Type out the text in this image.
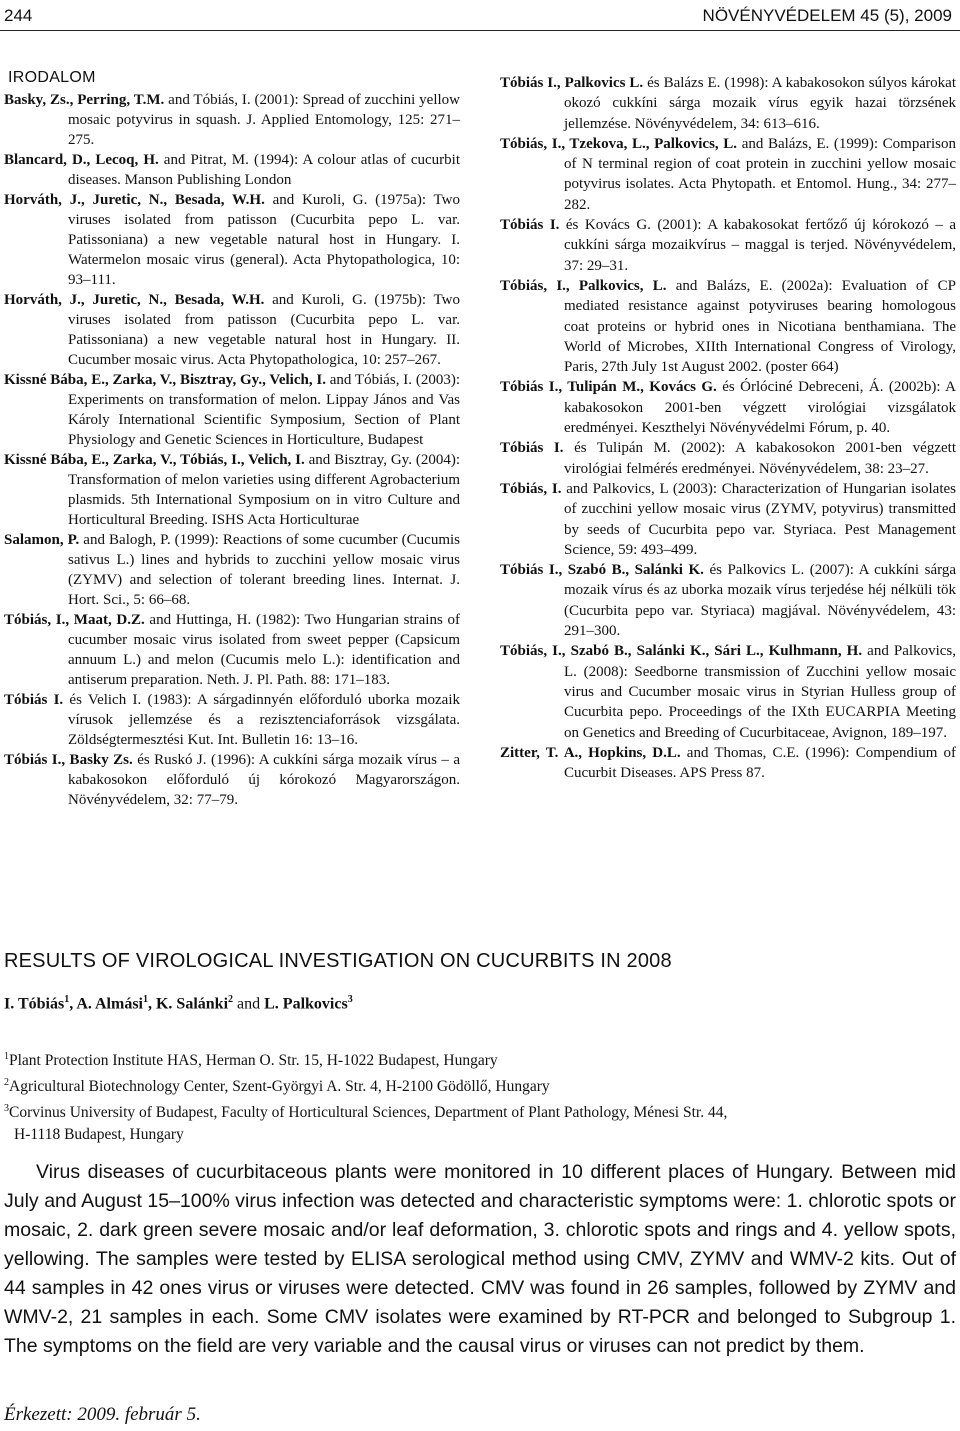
244	NÖVÉNYVÉDELEM 45 (5), 2009
IRODALOM

Basky, Zs., Perring, T.M. and Tóbiás, I. (2001): Spread of zucchini yellow mosaic potyvirus in squash. J. Applied Entomology, 125: 271–275.

Blancard, D., Lecoq, H. and Pitrat, M. (1994): A colour atlas of cucurbit diseases. Manson Publishing London

Horváth, J., Juretic, N., Besada, W.H. and Kuroli, G. (1975a): Two viruses isolated from patisson (Cucurbita pepo L. var. Patissoniana) a new vegetable natural host in Hungary. I. Watermelon mosaic virus (general). Acta Phytopathologica, 10: 93–111.

Horváth, J., Juretic, N., Besada, W.H. and Kuroli, G. (1975b): Two viruses isolated from patisson (Cucurbita pepo L. var. Patissoniana) a new vegetable natural host in Hungary. II. Cucumber mosaic virus. Acta Phytopathologica, 10: 257–267.

Kissné Bába, E., Zarka, V., Bisztray, Gy., Velich, I. and Tóbiás, I. (2003): Experiments on transformation of melon. Lippay János and Vas Károly International Scientific Symposium, Section of Plant Physiology and Genetic Sciences in Horticulture, Budapest

Kissné Bába, E., Zarka, V., Tóbiás, I., Velich, I. and Bisztray, Gy. (2004): Transformation of melon varieties using different Agrobacterium plasmids. 5th International Symposium on in vitro Culture and Horticultural Breeding. ISHS Acta Horticulturae

Salamon, P. and Balogh, P. (1999): Reactions of some cucumber (Cucumis sativus L.) lines and hybrids to zucchini yellow mosaic virus (ZYMV) and selection of tolerant breeding lines. Internat. J. Hort. Sci., 5: 66–68.

Tóbiás, I., Maat, D.Z. and Huttinga, H. (1982): Two Hungarian strains of cucumber mosaic virus isolated from sweet pepper (Capsicum annuum L.) and melon (Cucumis melo L.): identification and antiserum preparation. Neth. J. Pl. Path. 88: 171–183.

Tóbiás I. és Velich I. (1983): A sárgadinnyén előforduló uborka mozaik vírusok jellemzése és a rezisztenciaforrások vizsgálata. Zöldségtermesztési Kut. Int. Bulletin 16: 13–16.

Tóbiás I., Basky Zs. és Ruskó J. (1996): A cukkíni sárga mozaik vírus – a kabakosokon előforduló új kórokozó Magyarországon. Növényvédelem, 32: 77–79.

Tóbiás I., Palkovics L. és Balázs E. (1998): A kabakosokon súlyos károkat okozó cukkíni sárga mozaik vírus egyik hazai törzsének jellemzése. Növényvédelem, 34: 613–616.

Tóbiás, I., Tzekova, L., Palkovics, L. and Balázs, E. (1999): Comparison of N terminal region of coat protein in zucchini yellow mosaic potyvirus isolates. Acta Phytopath. et Entomol. Hung., 34: 277–282.

Tóbiás I. és Kovács G. (2001): A kabakosokat fertőző új kórokozó – a cukkíni sárga mozaikvírus – maggal is terjed. Növényvédelem, 37: 29–31.

Tóbiás, I., Palkovics, L. and Balázs, E. (2002a): Evaluation of CP mediated resistance against potyviruses bearing homologous coat proteins or hybrid ones in Nicotiana benthamiana. The World of Microbes, XIIth International Congress of Virology, Paris, 27th July 1st August 2002. (poster 664)

Tóbiás I., Tulipán M., Kovács G. és Órlóciné Debreceni, Á. (2002b): A kabakosokon 2001-ben végzett virológiai vizsgálatok eredményei. Keszthelyi Növényvédelmi Fórum, p. 40.

Tóbiás I. és Tulipán M. (2002): A kabakosokon 2001-ben végzett virológiai felmérés eredményei. Növényvédelem, 38: 23–27.

Tóbiás, I. and Palkovics, L (2003): Characterization of Hungarian isolates of zucchini yellow mosaic virus (ZYMV, potyvirus) transmitted by seeds of Cucurbita pepo var. Styriaca. Pest Management Science, 59: 493–499.

Tóbiás I., Szabó B., Salánki K. és Palkovics L. (2007): A cukkíni sárga mozaik vírus és az uborka mozaik vírus terjedése héj nélküli tök (Cucurbita pepo var. Styriaca) magjával. Növényvédelem, 43: 291–300.

Tóbiás, I., Szabó B., Salánki K., Sári L., Kulhmann, H. and Palkovics, L. (2008): Seedborne transmission of Zucchini yellow mosaic virus and Cucumber mosaic virus in Styrian Hulless group of Cucurbita pepo. Proceedings of the IXth EUCARPIA Meeting on Genetics and Breeding of Cucurbitaceae, Avignon, 189–197.

Zitter, T. A., Hopkins, D.L. and Thomas, C.E. (1996): Compendium of Cucurbit Diseases. APS Press 87.

RESULTS OF VIROLOGICAL INVESTIGATION ON CUCURBITS IN 2008
I. Tóbiás$^1$, A. Almási$^1$, K. Salánki$^2$ and L. Palkovics$^3$

$^1$Plant Protection Institute HAS, Herman O. Str. 15, H-1022 Budapest, Hungary

$^2$Agricultural Biotechnology Center, Szent-Györgyi A. Str. 4, H-2100 Gödöllő, Hungary

$^3$Corvinus University of Budapest, Faculty of Horticultural Sciences, Department of Plant Pathology, Ménesi Str. 44,

H-1118 Budapest, Hungary

Virus diseases of cucurbitaceous plants were monitored in 10 different places of Hungary. Between mid July and August 15–100% virus infection was detected and characteristic symptoms were: 1. chlorotic spots or mosaic, 2. dark green severe mosaic and/or leaf deformation, 3. chlorotic spots and rings and 4. yellow spots, yellowing. The samples were tested by ELISA serological method using CMV, ZYMV and WMV-2 kits. Out of 44 samples in 42 ones virus or viruses were detected. CMV was found in 26 samples, followed by ZYMV and WMV-2, 21 samples in each. Some CMV isolates were examined by RT-PCR and belonged to Subgroup 1. The symptoms on the field are very variable and the causal virus or viruses can not predict by them.
Érkezett: 2009. február 5.
